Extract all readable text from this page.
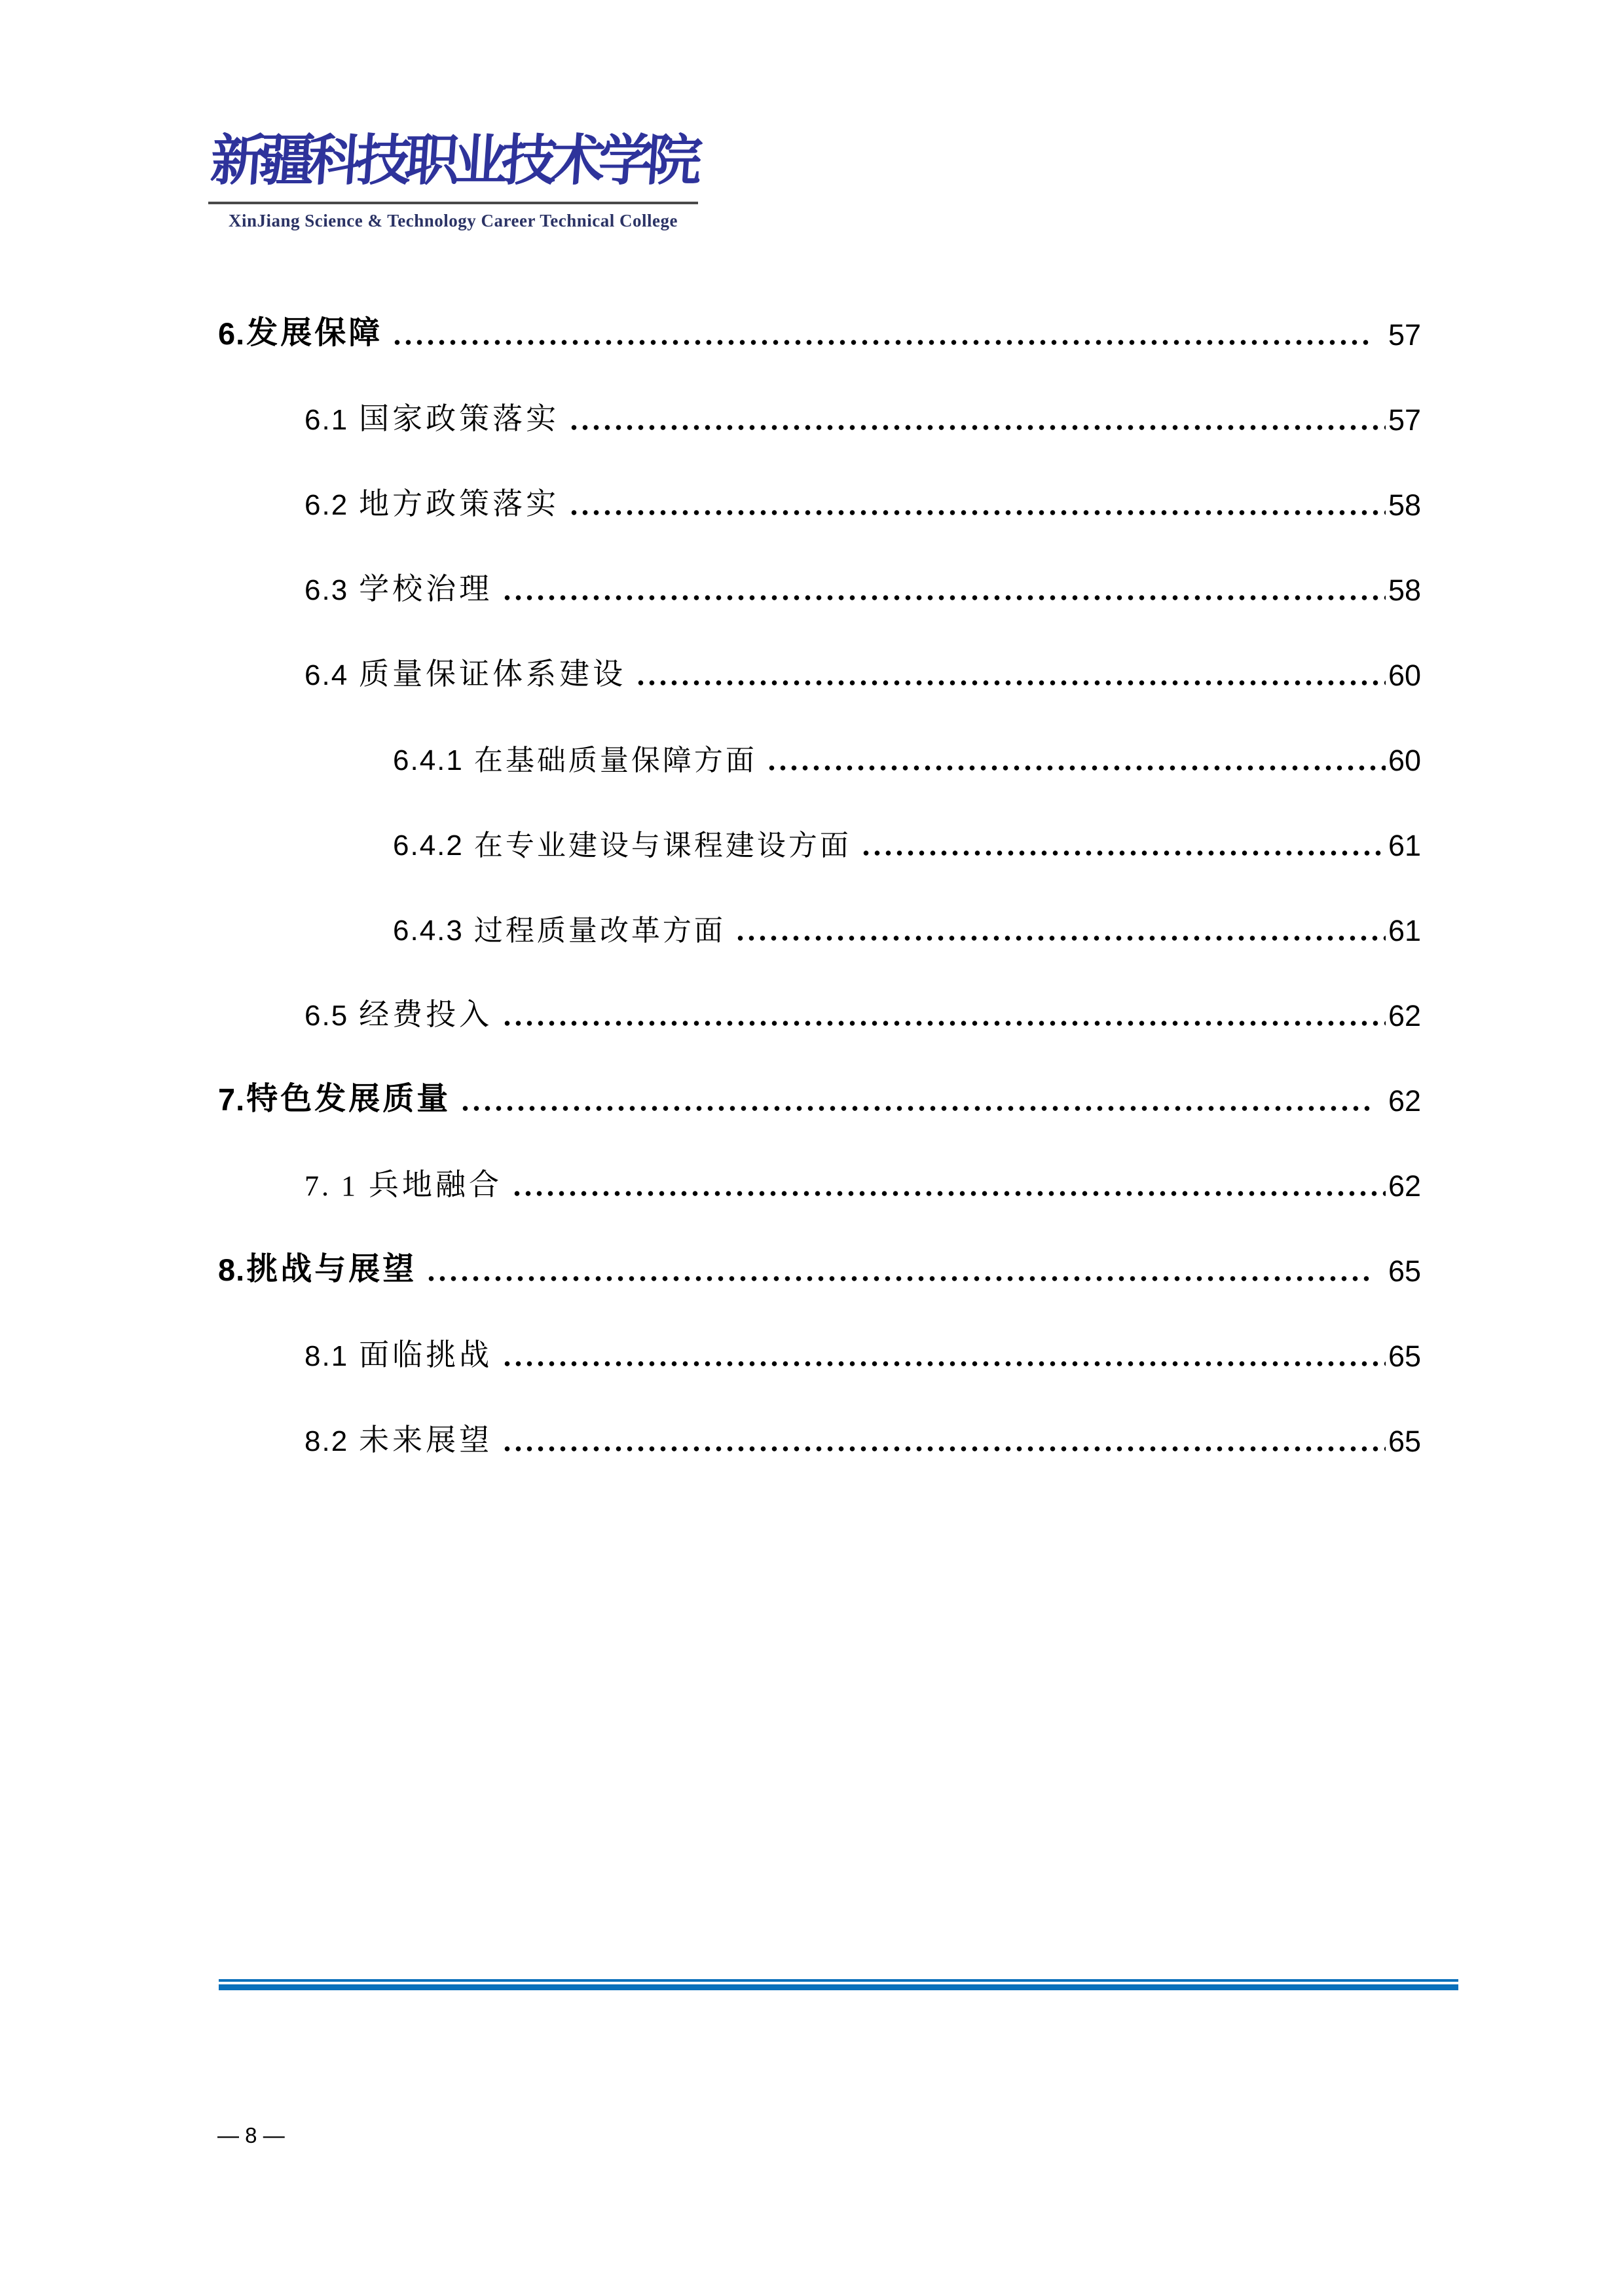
新疆科技职业技术学院
XinJiang Science & Technology Career Technical College
6. 发展保障	57
6.1 国家政策落实	57
6.2 地方政策落实	58
6.3 学校治理	58
6.4 质量保证体系建设	60
6.4.1 在基础质量保障方面	60
6.4.2 在专业建设与课程建设方面	61
6.4.3 过程质量改革方面	61
6.5 经费投入	62
7. 特色发展质量	62
7. 1 兵地融合	62
8. 挑战与展望	65
8.1 面临挑战	65
8.2 未来展望	65
— 8 —
